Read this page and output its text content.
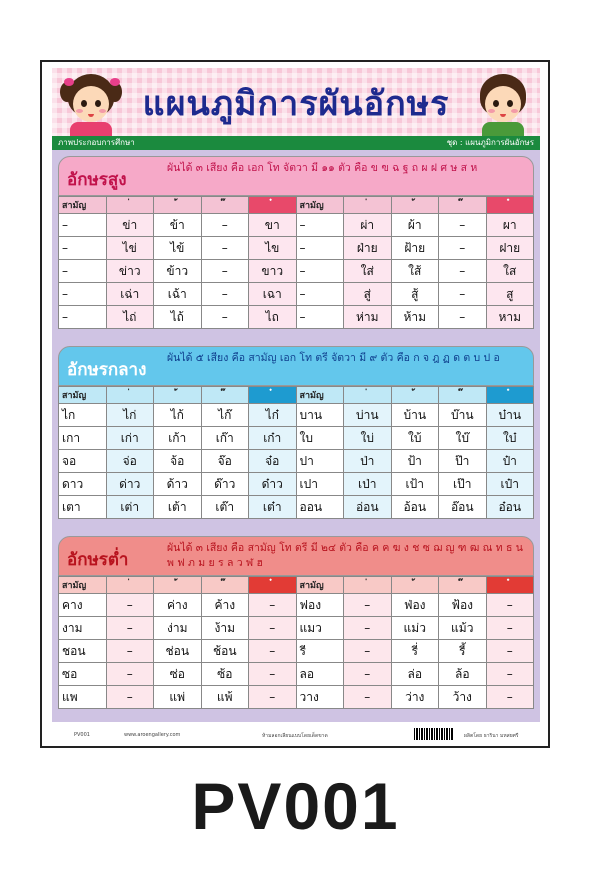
แผนภูมิการผันอักษร
ภาพประกอบการศึกษา	ชุด : แผนภูมิการผันอักษร
อักษรสูง
ผันได้ ๓ เสียง คือ เอก โท จัตวา มี ๑๑ ตัว คือ ข ฃ ฉ ฐ ถ ผ ฝ ศ ษ ส ห
สามัญ					สามัญ				
–	ข่า	ข้า	–	ขา	–	ผ่า	ผ้า	–	ผา
–	ไข่	ไข้	–	ไข	–	ฝ่าย	ฝ้าย	–	ฝาย
–	ข่าว	ข้าว	–	ขาว	–	ใส่	ใส้	–	ใส
–	เฉ่า	เฉ้า	–	เฉา	–	สู่	สู้	–	สู
–	ไถ่	ไถ้	–	ไถ	–	ห่าม	ห้าม	–	หาม
อักษรกลาง
ผันได้ ๕ เสียง คือ สามัญ เอก โท ตรี จัตวา มี ๙ ตัว คือ ก จ ฎ ฏ ด ต บ ป อ
สามัญ					สามัญ				
ไก	ไก่	ไก้	ไก๊	ไก๋	บาน	บ่าน	บ้าน	บ๊าน	บ๋าน
เกา	เก่า	เก้า	เก๊า	เก๋า	ใบ	ใบ่	ใบ้	ใบ๊	ใบ๋
จอ	จ่อ	จ้อ	จ๊อ	จ๋อ	ปา	ป่า	ป้า	ป๊า	ป๋า
ดาว	ด่าว	ด้าว	ด๊าว	ด๋าว	เปา	เป่า	เป้า	เป๊า	เป๋า
เตา	เต่า	เต้า	เต๊า	เต๋า	ออน	อ่อน	อ้อน	อ๊อน	อ๋อน
อักษรต่ำ
ผันได้ ๓ เสียง คือ สามัญ โท ตรี มี ๒๔ ตัว คือ ค ฅ ฆ ง ช ซ ฌ ญ ฑ ฒ ณ ท ธ น พ ฟ ภ ม ย ร ล ว ฬ ฮ
สามัญ					สามัญ				
คาง	–	ค่าง	ค้าง	–	ฟอง	–	ฟ่อง	ฟ้อง	–
งาม	–	ง่าม	ง้าม	–	แมว	–	แม่ว	แม้ว	–
ชอน	–	ช่อน	ช้อน	–	รี	–	รี่	รี้	–
ซอ	–	ซ่อ	ซ้อ	–	ลอ	–	ล่อ	ล้อ	–
แพ	–	แพ่	แพ้	–	วาง	–	ว่าง	ว้าง	–
PV001	www.aroengallery.com	ห้ามลอกเลียนแบบโดยเด็ดขาด	ผลิตโดย ธารินา มหสยศรี
PV001
